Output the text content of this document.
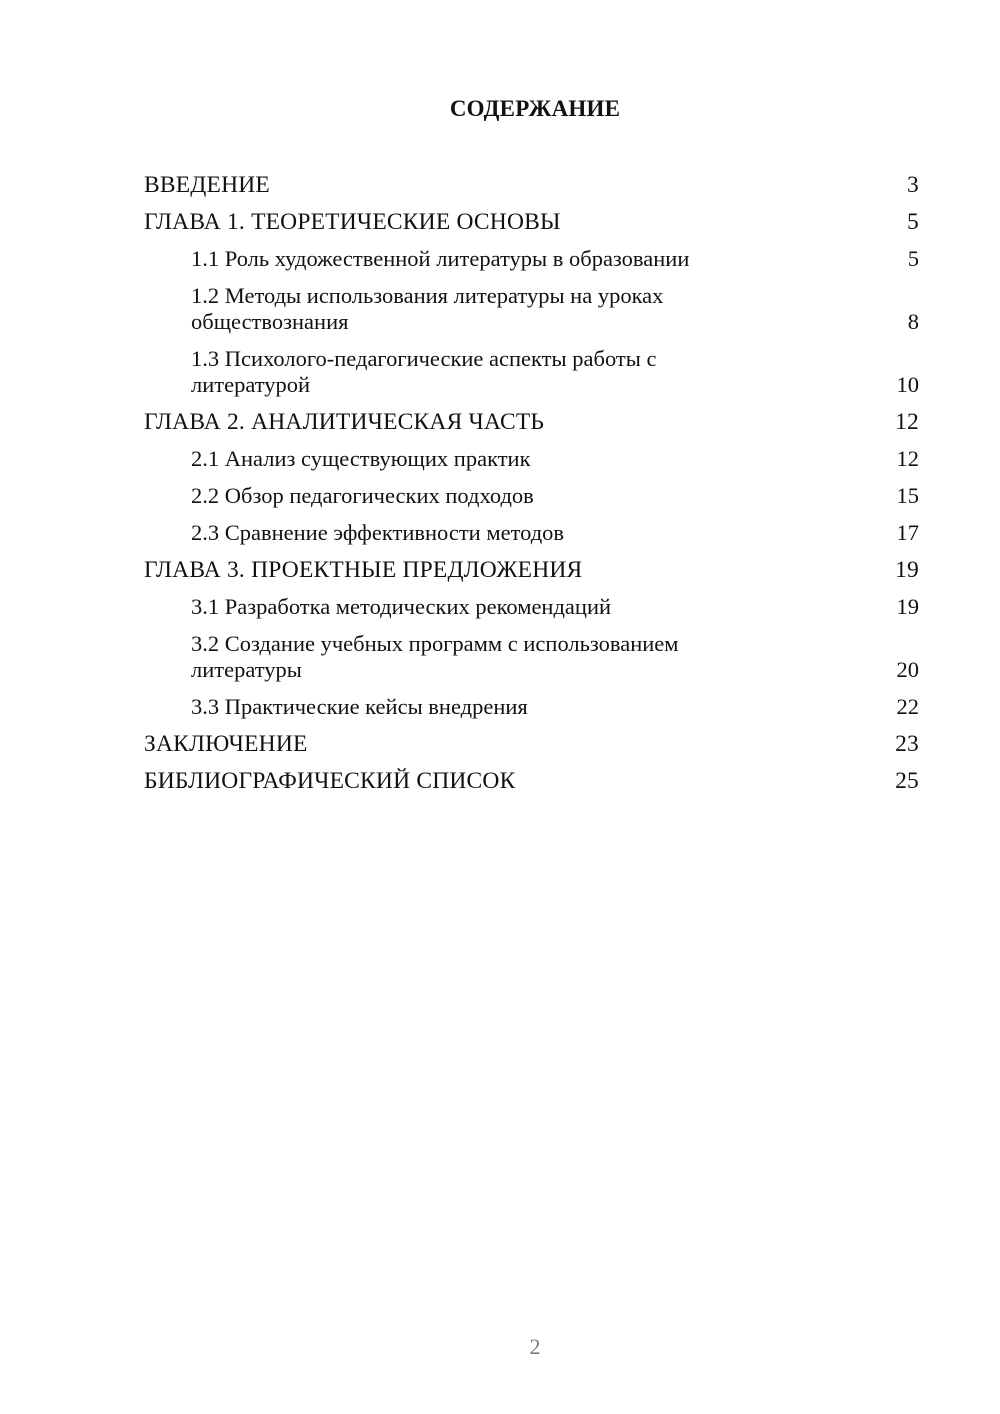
СОДЕРЖАНИЕ
ВВЕДЕНИЕ	3
ГЛАВА 1. ТЕОРЕТИЧЕСКИЕ ОСНОВЫ	5
1.1 Роль художественной литературы в образовании	5
1.2 Методы использования литературы на уроках обществознания	8
1.3 Психолого-педагогические аспекты работы с литературой	10
ГЛАВА 2. АНАЛИТИЧЕСКАЯ ЧАСТЬ	12
2.1 Анализ существующих практик	12
2.2 Обзор педагогических подходов	15
2.3 Сравнение эффективности методов	17
ГЛАВА 3. ПРОЕКТНЫЕ ПРЕДЛОЖЕНИЯ	19
3.1 Разработка методических рекомендаций	19
3.2 Создание учебных программ с использованием литературы	20
3.3 Практические кейсы внедрения	22
ЗАКЛЮЧЕНИЕ	23
БИБЛИОГРАФИЧЕСКИЙ СПИСОК	25
2
